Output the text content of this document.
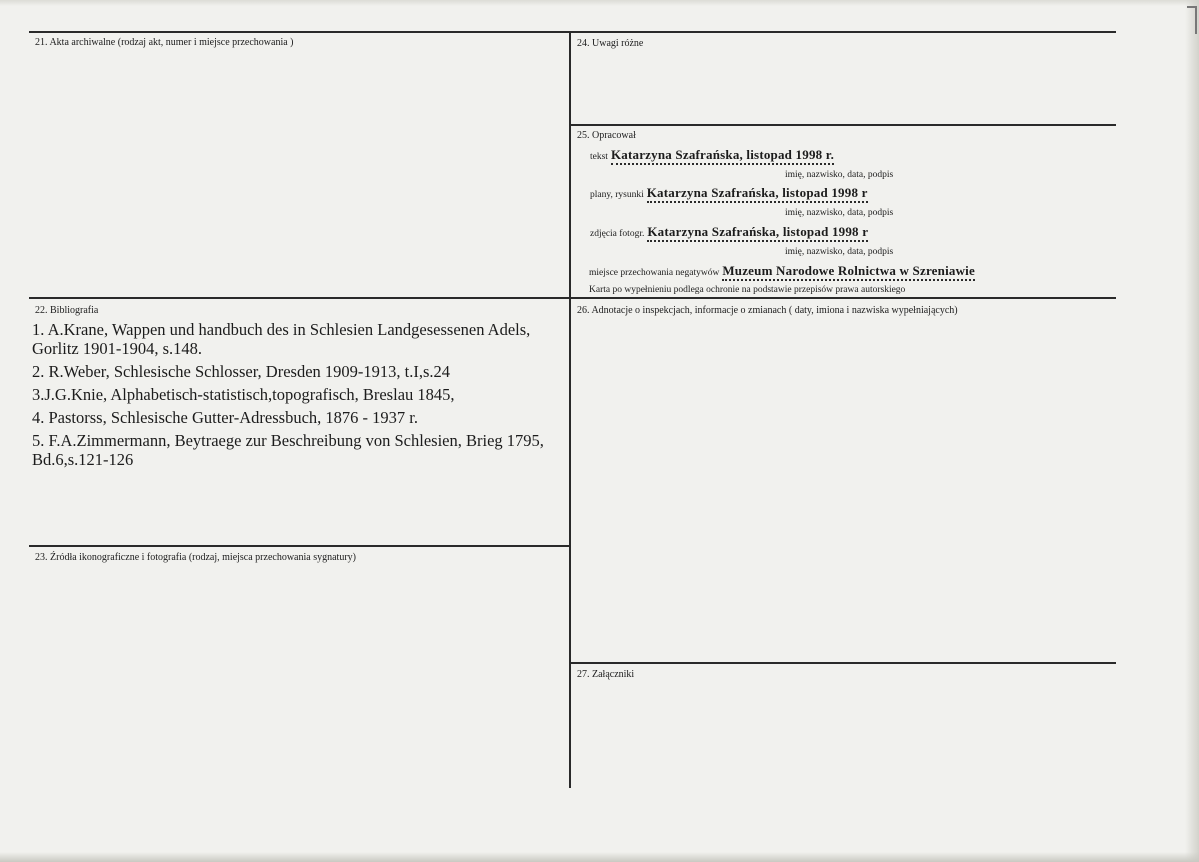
21. Akta archiwalne (rodzaj akt, numer i miejsce przechowania )	24. Uwagi różne
25. Opracował
tekst Katarzyna Szafrańska, listopad 1998 r.
imię, nazwisko, data, podpis
plany, rysunki Katarzyna Szafrańska, listopad 1998 r
imię, nazwisko, data, podpis
zdjęcia fotogr. Katarzyna Szafrańska, listopad 1998 r
imię, nazwisko, data, podpis
miejsce przechowania negatywów Muzeum Narodowe Rolnictwa w Szreniawie
Karta po wypełnieniu podlega ochronie na podstawie przepisów prawa autorskiego
22. Bibliografia
1. A.Krane, Wappen und handbuch des in Schlesien Landgesessenen Adels, Gorlitz 1901-1904, s.148.
2. R.Weber, Schlesische Schlosser, Dresden 1909-1913, t.I,s.24
3.J.G.Knie, Alphabetisch-statistisch,topografisch, Breslau 1845,
4. Pastorss, Schlesische Gutter-Adressbuch, 1876 - 1937 r.
5. F.A.Zimmermann, Beytraege zur Beschreibung von Schlesien, Brieg 1795, Bd.6,s.121-126
26. Adnotacje o inspekcjach, informacje o zmianach ( daty, imiona i nazwiska wypełniających)
23. Źródła ikonograficzne i fotografia (rodzaj, miejsca przechowania sygnatury)
27. Załączniki
